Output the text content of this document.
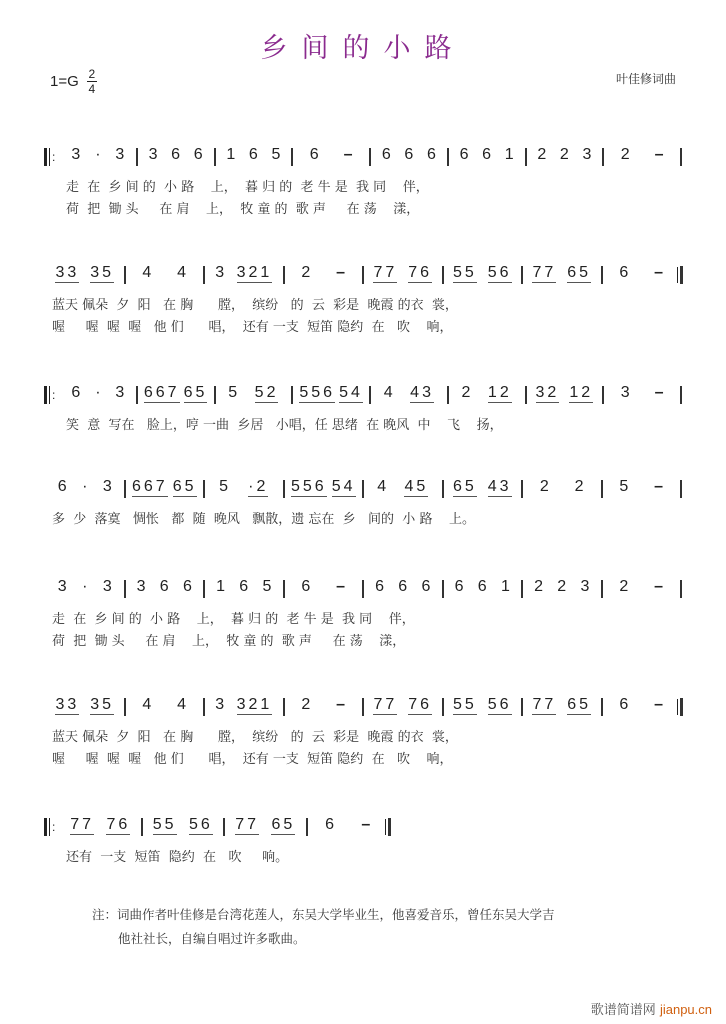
乡间的小路
$1=G \frac{2}{4}$	叶佳修词曲
: 3 · 3 3 6 6 1 6 5 6 – 6 6 6 6 6 1 2 2 3 2 –
走  在  乡 间 的  小 路    上，  暮 归 的  老 牛 是  我 同    伴，
荷  把  锄 头     在 肩    上，  牧 童 的  歌 声     在 荡    漾，
33 35 4 4 3 321 2 – 77 76 55 56 77 65 6 –
蓝天 佩朵  夕  阳   在 胸      膛，  缤纷   的  云  彩是  晚霞 的衣  裳，
喔     喔  喔  喔   他 们      唱，  还有 一支  短笛 隐约  在   吹    响，
: 6 · 3 667 65 5 52 556 54 4 43 2 12 32 12 3 –
笑  意  写在   脸上，哼 一曲  乡居   小唱，任 思绪  在 晚风  中    飞    扬，
6 · 3 667 65 5 ·2 556 54 4 45 65 43 2 2 5 –
多  少  落寞   惆怅   都  随  晚风   飘散，遗 忘在  乡   间的  小 路    上。
3 · 3 3 6 6 1 6 5 6 – 6 6 6 6 6 1 2 2 3 2 –
走  在  乡 间 的  小 路    上，  暮 归 的  老 牛 是  我 同    伴，
荷  把  锄 头     在 肩    上，  牧 童 的  歌 声     在 荡    漾，
33 35 4 4 3 321 2 – 77 76 55 56 77 65 6 –
蓝天 佩朵  夕  阳   在 胸      膛，  缤纷   的  云  彩是  晚霞 的衣  裳，
喔     喔  喔  喔   他 们      唱，  还有 一支  短笛 隐约  在   吹    响，
: 77 76 55 56 77 65 6 –
还有  一支  短笛  隐约  在   吹     响。
注：词曲作者叶佳修是台湾花莲人，东吴大学毕业生，他喜爱音乐，曾任东吴大学吉
他社社长，自编自唱过许多歌曲。
歌谱简谱网 jianpu.cn
